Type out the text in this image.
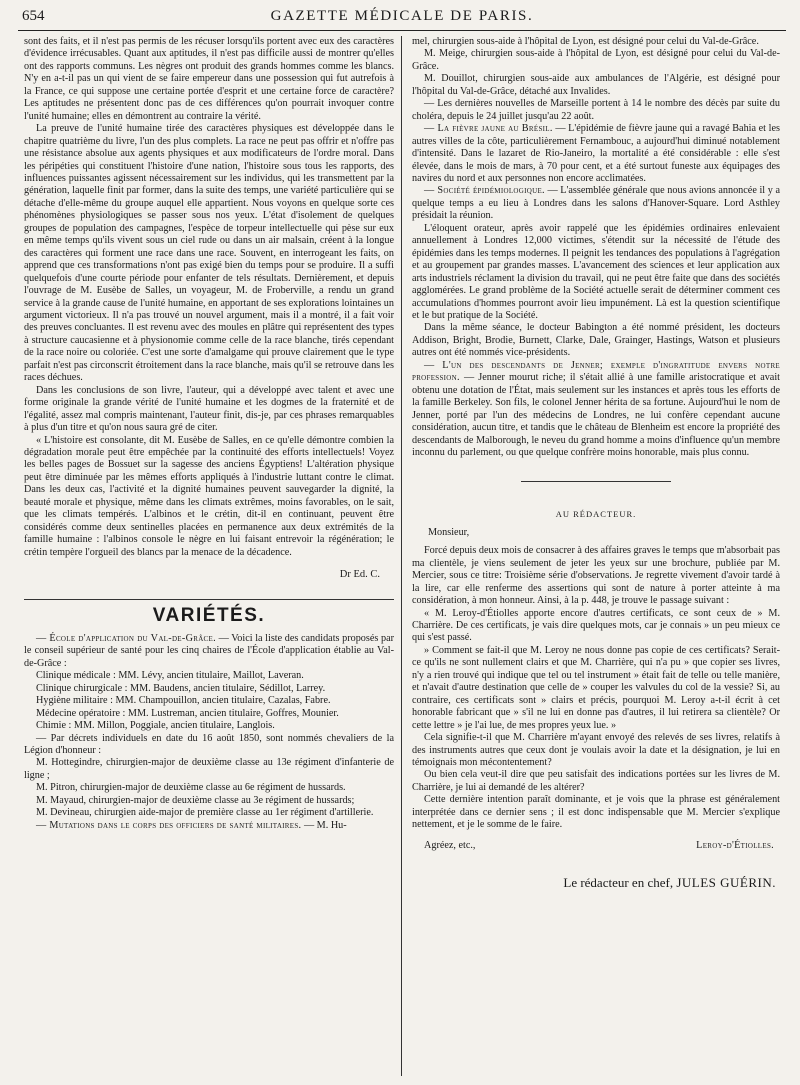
654	GAZETTE MÉDICALE DE PARIS.

sont des faits, et il n'est pas permis de les récuser lorsqu'ils portent avec eux des caractères d'évidence irrécusables. Quant aux aptitudes, il n'est pas difficile aussi de montrer qu'elles ont des rapports communs. Les nègres ont produit des grands hommes comme les blancs. N'y en a-t-il pas un qui vient de se faire empereur dans une possession qui fut autrefois à la France, ce qui suppose une certaine portée d'esprit et une certaine force de caractère? Les aptitudes ne présentent donc pas de ces différences qu'on pourrait invoquer contre l'unité humaine; elles en démontrent au contraire la vérité.

La preuve de l'unité humaine tirée des caractères physiques est développée dans le chapitre quatrième du livre, l'un des plus complets. La race ne peut pas offrir et n'offre pas une résistance absolue aux agents physiques et aux modificateurs de l'ordre moral. Dans les péripéties qui constituent l'histoire d'une nation, l'histoire sous tous les rapports, des influences puissantes agissent nécessairement sur les individus, qui les transmettent par la génération, laquelle finit par former, dans la suite des temps, une variété particulière qui se détache d'elle-même du groupe auquel elle appartient. Nous voyons en quelque sorte ces phénomènes physiologiques se passer sous nos yeux. L'état d'isolement de quelques groupes de population des campagnes, l'espèce de torpeur intellectuelle qui pèse sur eux en même temps qu'ils vivent sous un ciel rude ou dans un air malsain, créent à la longue des caractères qui forment une race dans une race. Souvent, en interrogeant les faits, on apprend que ces transformations n'ont pas exigé bien du temps pour se produire. Il a suffi quelquefois d'une courte période pour enfanter de tels résultats. Dernièrement, et depuis l'ouvrage de M. Eusèbe de Salles, un voyageur, M. de Froberville, a rendu un grand service à la grande cause de l'unité humaine, en apportant de ses explorations lointaines un argument victorieux. Il n'a pas trouvé un nouvel argument, mais il a montré, il a fait voir des preuves concluantes. Il est revenu avec des moules en plâtre qui représentent des types à structure caucasienne et à physionomie comme celle de la race blanche, tirés cependant de la race noire ou coloriée. C'est une sorte d'amalgame qui prouve clairement que le type parfait n'est pas circonscrit étroitement dans la race blanche, mais qu'il se retrouve dans les races déchues.

Dans les conclusions de son livre, l'auteur, qui a développé avec talent et avec une forme originale la grande vérité de l'unité humaine et les dogmes de la fraternité et de l'égalité, assez mal compris maintenant, l'auteur finit, dis-je, par ces phrases remarquables à plus d'un titre et qu'on nous saura gré de citer.

« L'histoire est consolante, dit M. Eusèbe de Salles, en ce qu'elle démontre combien la dégradation morale peut être empêchée par la continuité des efforts intellectuels! Voyez les belles pages de Bossuet sur la sagesse des anciens Égyptiens! L'altération physique peut être diminuée par les mêmes efforts appliqués à l'industrie luttant contre le climat. Dans les deux cas, l'activité et la dignité humaines peuvent sauvegarder la dignité, la beauté morale et physique, même dans les climats extrêmes, moins favorables, on le sait, que les climats tempérés. L'albinos et le crétin, dit-il en continuant, peuvent être considérés comme deux sentinelles placées en permanence aux deux extrémités de la famille humaine : l'albinos console le nègre en lui faisant entrevoir la régénération; le crétin tempère l'orgueil des blancs par la menace de la décadence.

Dr Ed. C.
VARIÉTÉS.

— École d'application du Val-de-Grâce. — Voici la liste des candidats proposés par le conseil supérieur de santé pour les cinq chaires de l'École d'application établie au Val-de-Grâce :

Clinique médicale : MM. Lévy, ancien titulaire, Maillot, Laveran.

Clinique chirurgicale : MM. Baudens, ancien titulaire, Sédillot, Larrey.

Hygiène militaire : MM. Champouillon, ancien titulaire, Cazalas, Fabre.

Médecine opératoire : MM. Lustreman, ancien titulaire, Goffres, Mounier.

Chimie : MM. Millon, Poggiale, ancien titulaire, Langlois.

— Par décrets individuels en date du 16 août 1850, sont nommés chevaliers de la Légion d'honneur :

M. Hottegindre, chirurgien-major de deuxième classe au 13e régiment d'infanterie de ligne ;

M. Pitron, chirurgien-major de deuxième classe au 6e régiment de hussards.

M. Mayaud, chirurgien-major de deuxième classe au 3e régiment de hussards;

M. Devineau, chirurgien aide-major de première classe au 1er régiment d'artillerie.

— Mutations dans le corps des officiers de santé militaires. — M. Hu-

mel, chirurgien sous-aide à l'hôpital de Lyon, est désigné pour celui du Val-de-Grâce.

M. Meige, chirurgien sous-aide à l'hôpital de Lyon, est désigné pour celui du Val-de-Grâce.

M. Douillot, chirurgien sous-aide aux ambulances de l'Algérie, est désigné pour l'hôpital du Val-de-Grâce, détaché aux Invalides.

— Les dernières nouvelles de Marseille portent à 14 le nombre des décès par suite du choléra, depuis le 24 juillet jusqu'au 22 août.

— La fièvre jaune au Brésil. — L'épidémie de fièvre jaune qui a ravagé Bahia et les autres villes de la côte, particulièrement Fernambouc, a aujourd'hui diminué notablement d'intensité. Dans le lazaret de Rio-Janeiro, la mortalité a été considérable : elle s'est élevée, dans le mois de mars, à 70 pour cent, et a été surtout funeste aux équipages des navires du nord et aux personnes non encore acclimatées.

— Société épidémiologique. — L'assemblée générale que nous avions annoncée il y a quelque temps a eu lieu à Londres dans les salons d'Hanover-Square. Lord Asthley présidait la réunion.

L'éloquent orateur, après avoir rappelé que les épidémies ordinaires enlevaient annuellement à Londres 12,000 victimes, s'étendit sur la nécessité de l'étude des épidémies dans les temps modernes. Il peignit les tendances des populations à l'agrégation et au groupement par grandes masses. L'avancement des sciences et leur application aux arts industriels réclament la division du travail, qui ne peut être faite que dans des sociétés agglomérées. Le grand problème de la Société actuelle serait de déterminer comment ces accumulations d'hommes pourront avoir lieu impunément. Là est la question scientifique et le but pratique de la Société.

Dans la même séance, le docteur Babington a été nommé président, les docteurs Addison, Bright, Brodie, Burnett, Clarke, Dale, Grainger, Hastings, Watson et plusieurs autres ont été nommés vice-présidents.

— L'un des descendants de Jenner; exemple d'ingratitude envers notre profession. — Jenner mourut riche; il s'était allié à une famille aristocratique et avait obtenu une dotation de l'État, mais seulement sur les instances et après tous les efforts de la famille Berkeley. Son fils, le colonel Jenner hérita de sa fortune. Aujourd'hui le nom de Jenner, porté par l'un des médecins de Londres, ne lui confère cependant aucune considération, aucun titre, et tandis que le château de Blenheim est encore la propriété des descendants de Malborough, le neveu du grand homme a moins d'influence qu'un membre inconnu du parlement, ou que quelque confrère moins honorable, mais plus connu.

AU RÉDACTEUR.

Monsieur,

Forcé depuis deux mois de consacrer à des affaires graves le temps que m'absorbait pas ma clientèle, je viens seulement de jeter les yeux sur une brochure, publiée par M. Mercier, sous ce titre: Troisième série d'observations. Je regrette vivement d'avoir tardé à la lire, car elle renferme des assertions qui sont de nature à porter atteinte à ma considération, à mon honneur. Ainsi, à la p. 448, je trouve le passage suivant :

« M. Leroy-d'Étiolles apporte encore d'autres certificats, ce sont ceux de » M. Charrière. De ces certificats, je vais dire quelques mots, car je connais » un peu mieux ce qui s'est passé.

» Comment se fait-il que M. Leroy ne nous donne pas copie de ces certificats? Serait-ce qu'ils ne sont nullement clairs et que M. Charrière, qui n'a pu » que copier ses livres, n'y a rien trouvé qui indique que tel ou tel instrument » était fait de telle ou telle manière, et n'avait d'autre destination que celle de » couper les valvules du col de la vessie? Si, au contraire, ces certificats sont » clairs et précis, pourquoi M. Leroy a-t-il écrit à cet honorable fabricant que » s'il ne lui en donne pas d'autres, il lui retirera sa clientèle? Or cette lettre » je l'ai lue, de mes propres yeux lue. »

Cela signifie-t-il que M. Charrière m'ayant envoyé des relevés de ses livres, relatifs à des instruments autres que ceux dont je voulais avoir la date et la désignation, je lui en témoignais mon mécontentement?

Ou bien cela veut-il dire que peu satisfait des indications portées sur les livres de M. Charrière, je lui ai demandé de les altérer?

Cette dernière intention paraît dominante, et je vois que la phrase est généralement interprétée dans ce dernier sens ; il est donc indispensable que M. Mercier s'explique nettement, et je le somme de le faire.

Agréez, etc.,	Leroy-d'Étiolles.
Le rédacteur en chef, JULES GUÉRIN.
